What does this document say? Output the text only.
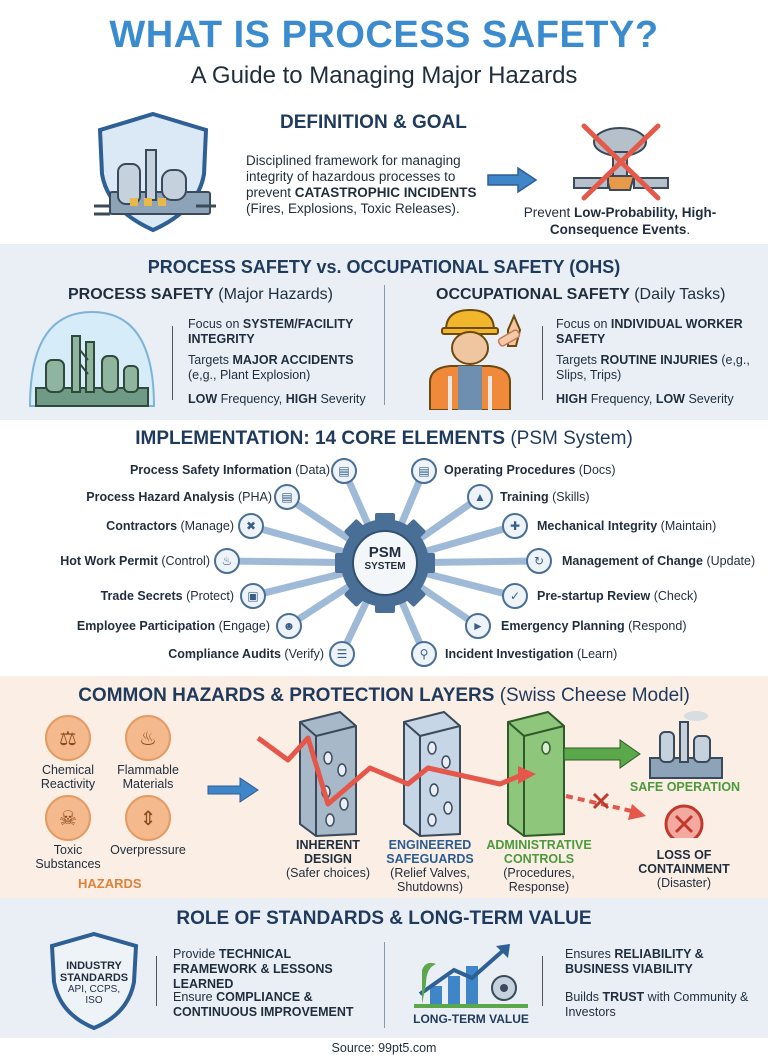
WHAT IS PROCESS SAFETY?
A Guide to Managing Major Hazards
DEFINITION & GOAL
Disciplined framework for managing integrity of hazardous processes to prevent CATASTROPHIC INCIDENTS (Fires, Explosions, Toxic Releases).	Prevent Low-Probability, High-Consequence Events.
PROCESS SAFETY vs. OCCUPATIONAL SAFETY (OHS)
PROCESS SAFETY (Major Hazards)
Focus on SYSTEM/FACILITY INTEGRITY
Targets MAJOR ACCIDENTS (e,g., Plant Explosion)
LOW Frequency, HIGH Severity
OCCUPATIONAL SAFETY (Daily Tasks)
Focus on INDIVIDUAL WORKER SAFETY
Targets ROUTINE INJURIES (e,g., Slips, Trips)
HIGH Frequency, LOW Severity
IMPLEMENTATION: 14 CORE ELEMENTS (PSM System)
PSM
SYSTEM
Process Safety Information (Data) ▤
Process Hazard Analysis (PHA) ▤
Contractors (Manage) ✖
Hot Work Permit (Control) ♨
Trade Secrets (Protect)	▣
Employee Participation (Engage)	☻
Compliance Audits (Verify)	☰
▤	Operating Procedures (Docs)
▲	Training (Skills)
✚	Mechanical Integrity (Maintain)
↻	Management of Change (Update)
✓	Pre-startup Review (Check)
►	Emergency Planning (Respond)
⚲	Incident Investigation (Learn)
COMMON HAZARDS & PROTECTION LAYERS (Swiss Cheese Model)
⚖
Chemical Reactivity
♨
Flammable Materials
☠
Toxic Substances
⇕
Overpressure
HAZARDS
INHERENT DESIGN
(Safer choices)
ENGINEERED SAFEGUARDS
(Relief Valves, Shutdowns)
ADMINISTRATIVE CONTROLS
(Procedures, Response)
SAFE OPERATION
LOSS OF CONTAINMENT
(Disaster)
ROLE OF STANDARDS & LONG-TERM VALUE
INDUSTRY
STANDARDS
API, CCPS,
ISO
Provide TECHNICAL FRAMEWORK & LESSONS LEARNED
Ensure COMPLIANCE & CONTINUOUS IMPROVEMENT	LONG-TERM VALUE
Ensures RELIABILITY & BUSINESS VIABILITY
Builds TRUST with Community & Investors
Source: 99pt5.com
